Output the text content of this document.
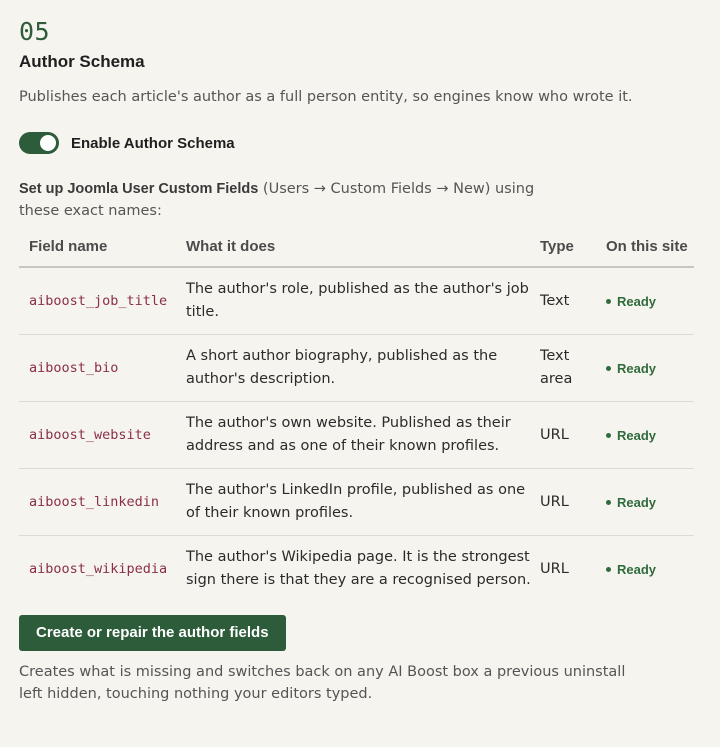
05
Author Schema
Publishes each article's author as a full person entity, so engines know who wrote it.
Enable Author Schema
Set up Joomla User Custom Fields (Users → Custom Fields → New) using these exact names:
Field name	What it does	Type	On this site
aiboost_job_title	The author's role, published as the author's job title.	Text	Ready
aiboost_bio	A short author biography, published as the author's description.	Text area	Ready
aiboost_website	The author's own website. Published as their address and as one of their known profiles.	URL	Ready
aiboost_linkedin	The author's LinkedIn profile, published as one of their known profiles.	URL	Ready
aiboost_wikipedia	The author's Wikipedia page. It is the strongest sign there is that they are a recognised person.	URL	Ready
Create or repair the author fields
Creates what is missing and switches back on any AI Boost box a previous uninstall left hidden, touching nothing your editors typed.
